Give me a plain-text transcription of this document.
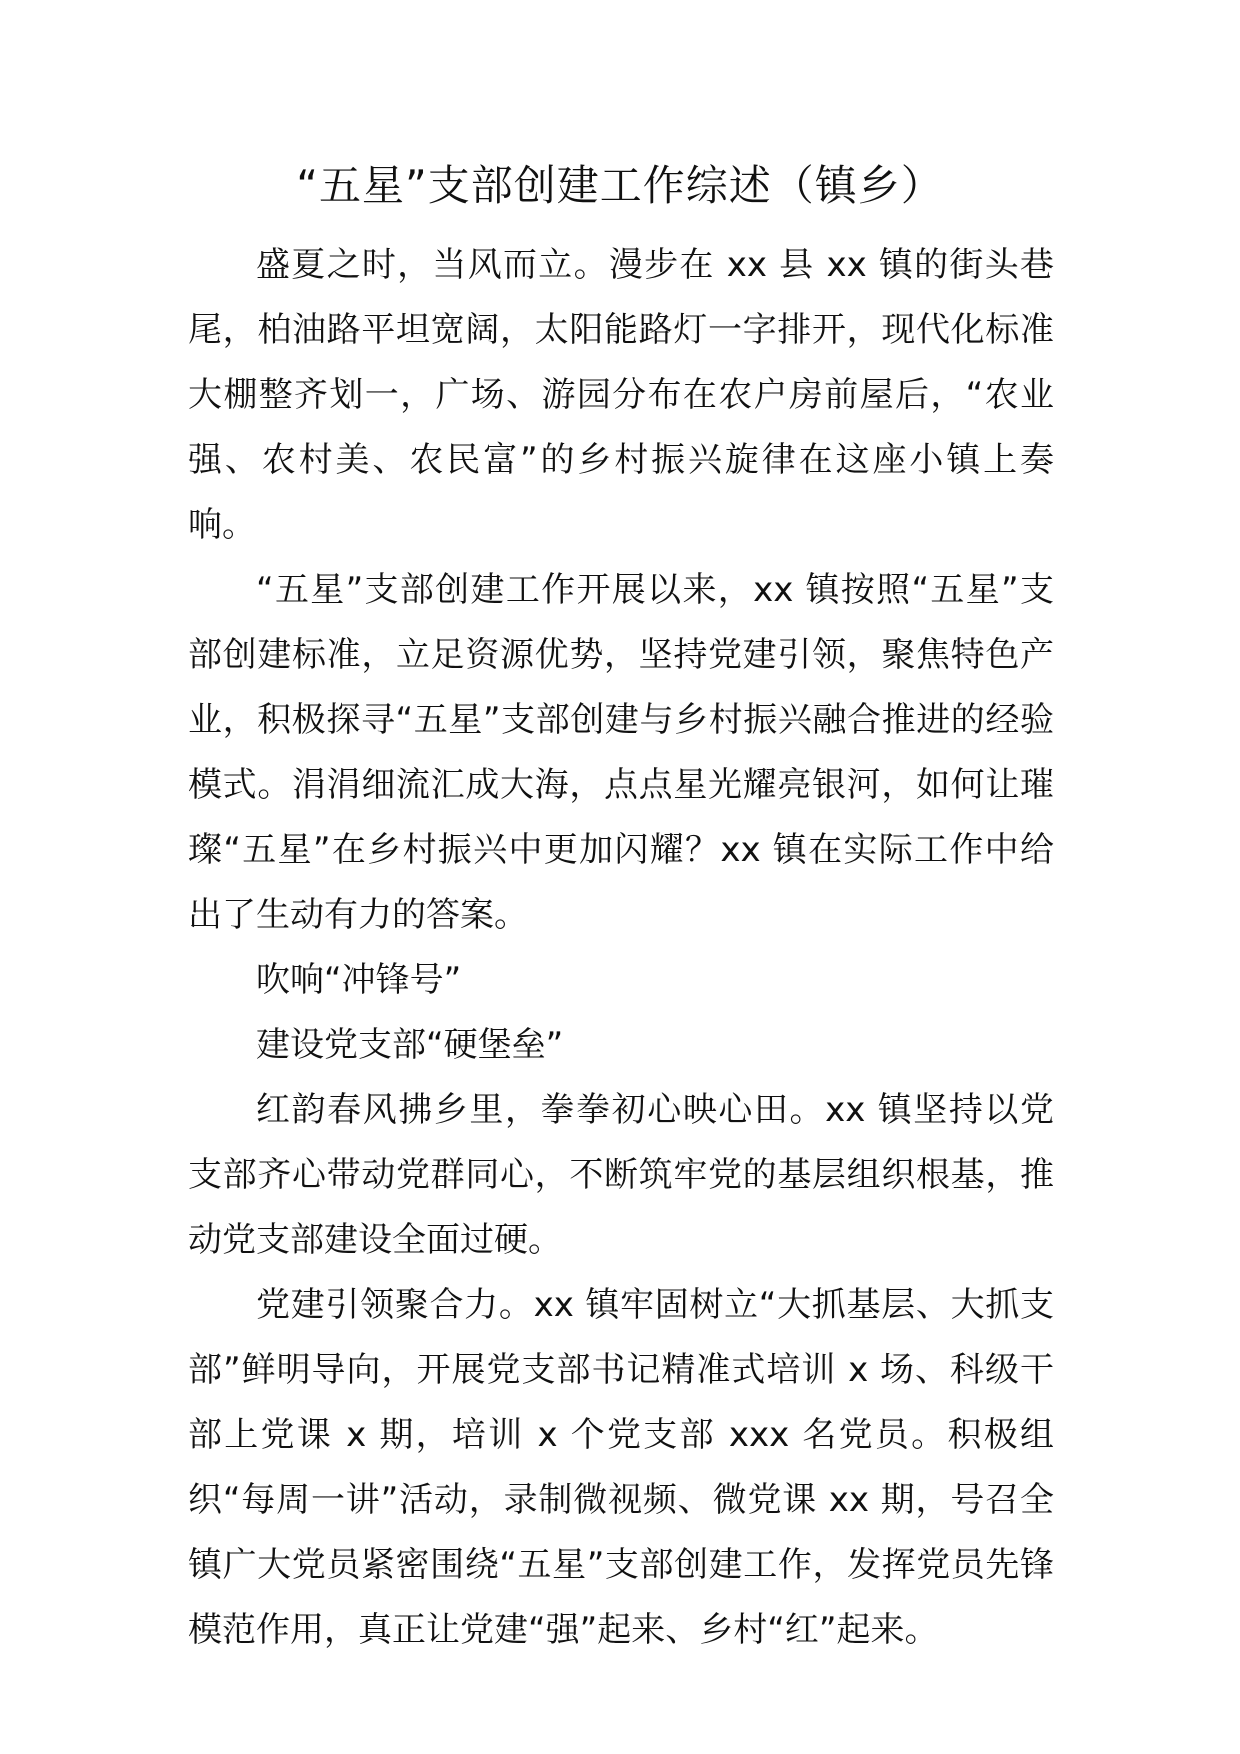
“五星”支部创建工作综述（镇乡）

盛夏之时，当风而立。漫步在 xx 县 xx 镇的街头巷尾，柏油路平坦宽阔，太阳能路灯一字排开，现代化标准大棚整齐划一，广场、游园分布在农户房前屋后，“农业强、农村美、农民富”的乡村振兴旋律在这座小镇上奏响。

“五星”支部创建工作开展以来，xx 镇按照“五星”支部创建标准，立足资源优势，坚持党建引领，聚焦特色产业，积极探寻“五星”支部创建与乡村振兴融合推进的经验模式。涓涓细流汇成大海，点点星光耀亮银河，如何让璀璨“五星”在乡村振兴中更加闪耀？xx 镇在实际工作中给出了生动有力的答案。

吹响“冲锋号”

建设党支部“硬堡垒”

红韵春风拂乡里，拳拳初心映心田。xx 镇坚持以党支部齐心带动党群同心，不断筑牢党的基层组织根基，推动党支部建设全面过硬。

党建引领聚合力。xx 镇牢固树立“大抓基层、大抓支部”鲜明导向，开展党支部书记精准式培训 x 场、科级干部上党课 x 期，培训 x 个党支部 xxx 名党员。积极组织“每周一讲”活动，录制微视频、微党课 xx 期，号召全镇广大党员紧密围绕“五星”支部创建工作，发挥党员先锋模范作用，真正让党建“强”起来、乡村“红”起来。
